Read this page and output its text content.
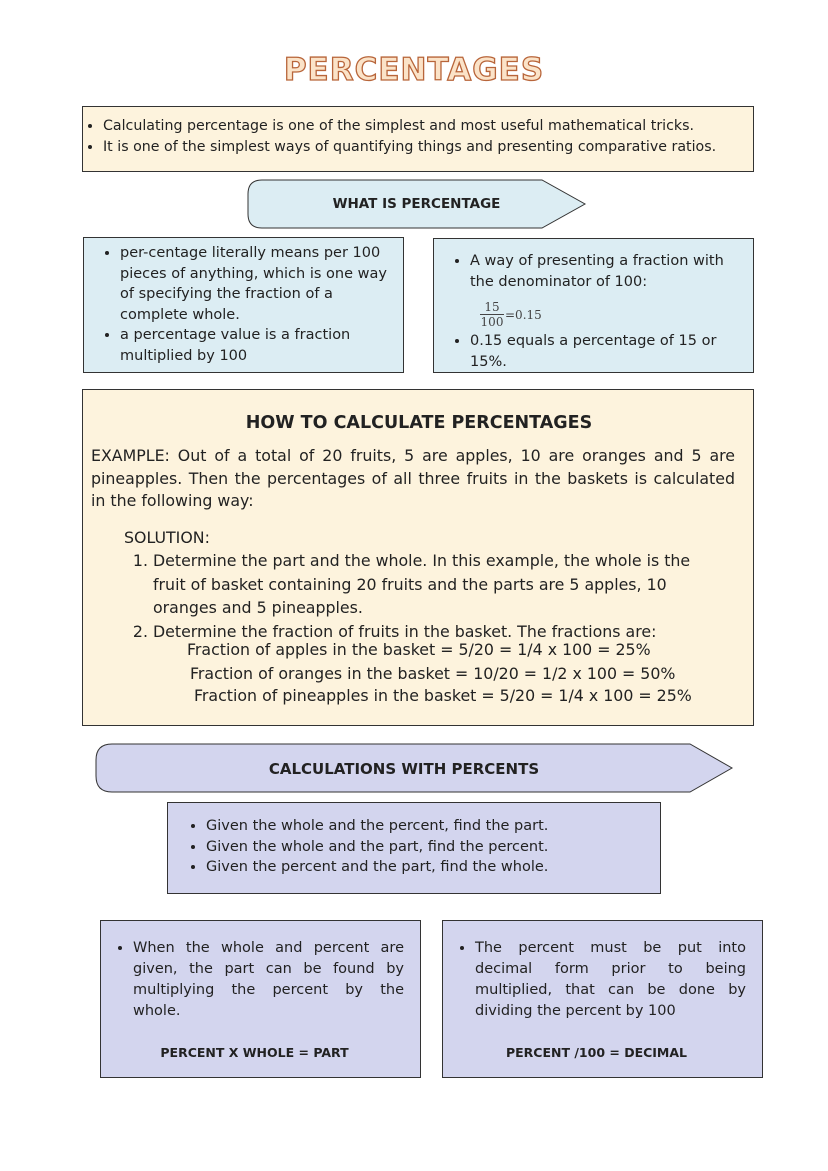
PERCENTAGES
• Calculating percentage is one of the simplest and most useful mathematical tricks.
• It is one of the simplest ways of quantifying things and presenting comparative ratios.
WHAT IS PERCENTAGE
• per-centage literally means per 100 pieces of anything, which is one way of specifying the fraction of a complete whole.
• a percentage value is a fraction multiplied by 100
• A way of presenting a fraction with the denominator of 100:
15
100 =0.15
• 0.15 equals a percentage of 15 or 15%.
HOW TO CALCULATE PERCENTAGES
EXAMPLE: Out of a total of 20 fruits, 5 are apples, 10 are oranges and 5 are pineapples. Then the percentages of all three fruits in the baskets is calculated in the following way:
SOLUTION:
1. Determine the part and the whole. In this example, the whole is the fruit of basket containing 20 fruits and the parts are 5 apples, 10 oranges and 5 pineapples.
2. Determine the fraction of fruits in the basket. The fractions are:
Fraction of apples in the basket = 5/20 = 1/4 x 100 = 25%
Fraction of oranges in the basket = 10/20 = 1/2 x 100 = 50%
Fraction of pineapples in the basket = 5/20 = 1/4 x 100 = 25%
CALCULATIONS WITH PERCENTS
• Given the whole and the percent, find the part.
• Given the whole and the part, find the percent.
• Given the percent and the part, find the whole.
• When the whole and percent are given, the part can be found by multiplying the percent by the whole.
PERCENT X WHOLE = PART
• The percent must be put into decimal form prior to being multiplied, that can be done by dividing the percent by 100
PERCENT /100 = DECIMAL
